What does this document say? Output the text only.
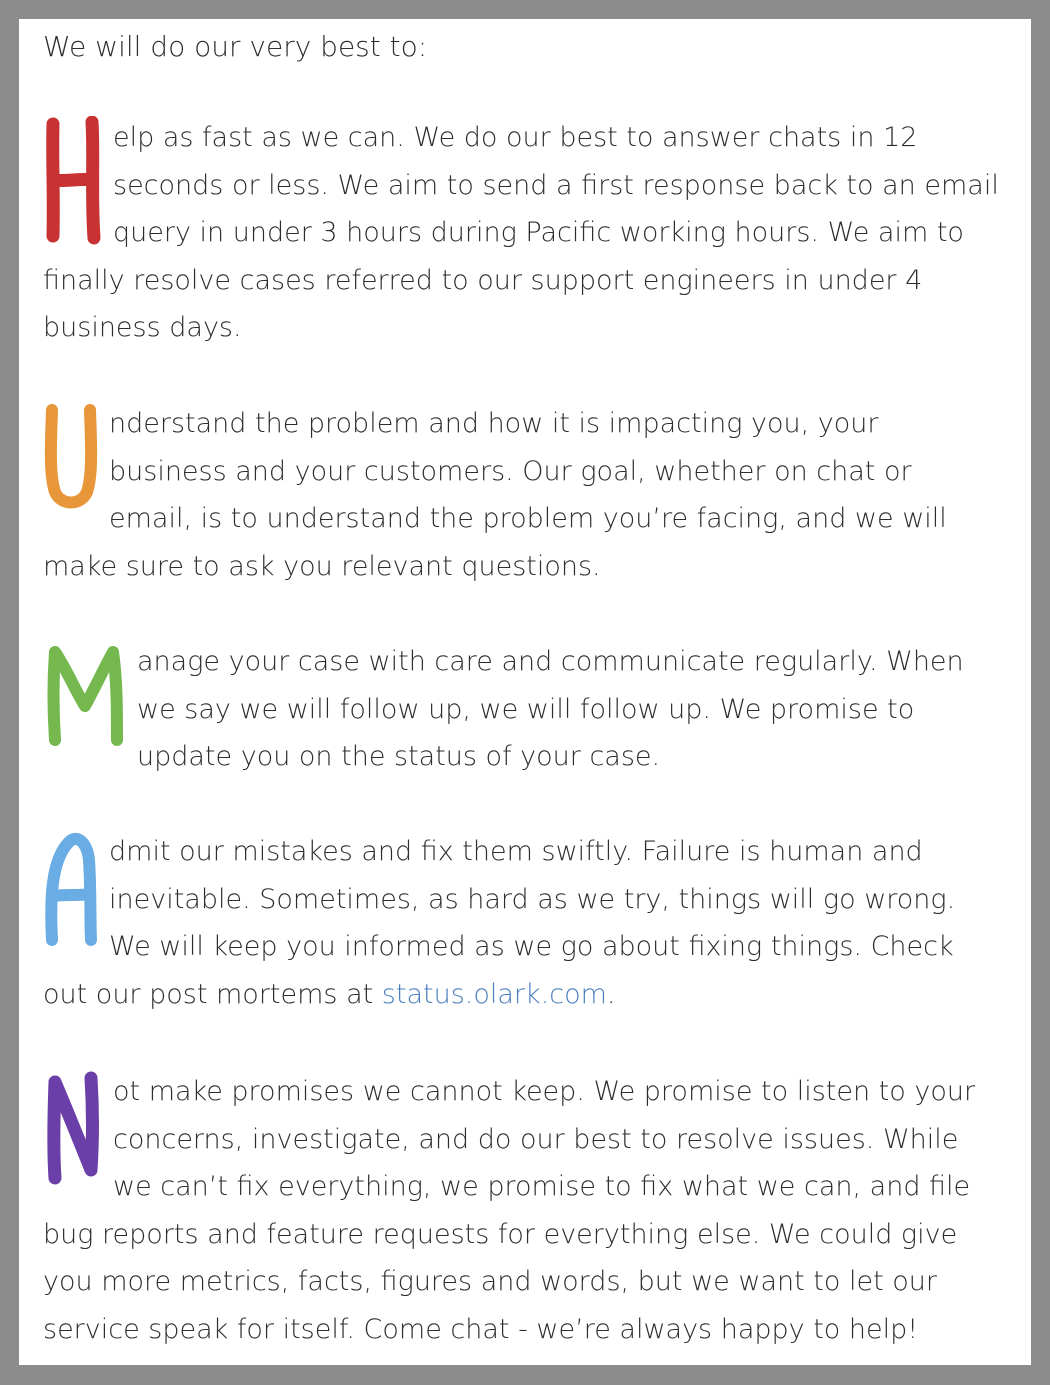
We will do our very best to:

elp as fast as we can. We do our best to answer chats in 12 seconds or less. We aim to send a first response back to an email query in under 3 hours during Pacific working hours. We aim to finally resolve cases referred to our support engineers in under 4 business days.

nderstand the problem and how it is impacting you, your business and your customers. Our goal, whether on chat or email, is to understand the problem you’re facing, and we will make sure to ask you relevant questions.

anage your case with care and communicate regularly. When we say we will follow up, we will follow up. We promise to update you on the status of your case.

dmit our mistakes and fix them swiftly. Failure is human and inevitable. Sometimes, as hard as we try, things will go wrong. We will keep you informed as we go about fixing things. Check out our post mortems at status.olark.com.

ot make promises we cannot keep. We promise to listen to your concerns, investigate, and do our best to resolve issues. While we can’t fix everything, we promise to fix what we can, and file bug reports and feature requests for everything else. We could give you more metrics, facts, figures and words, but we want to let our service speak for itself. Come chat - we’re always happy to help!
